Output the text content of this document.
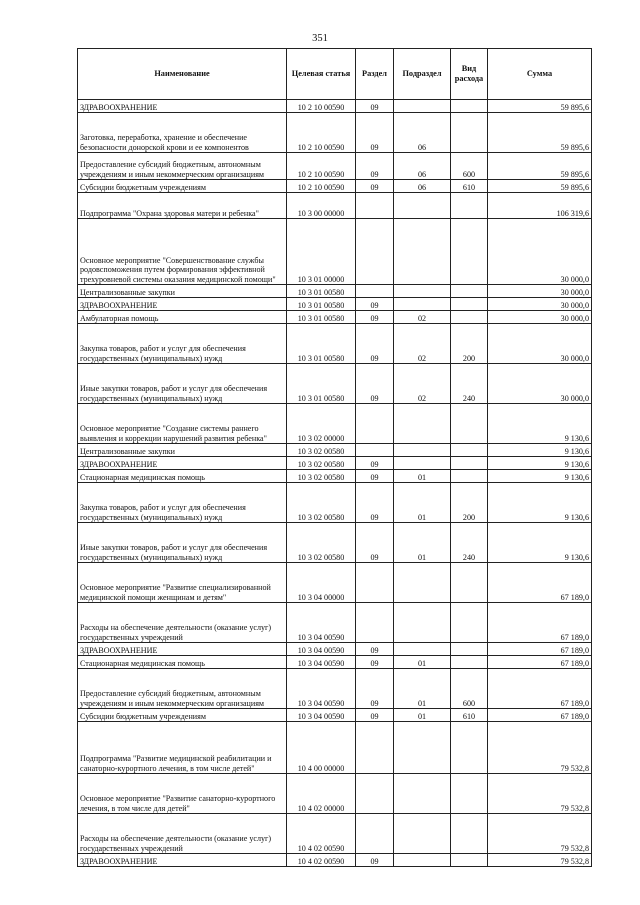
351
Наименование	Целевая статья	Раздел	Подраздел	Вид расхода	Сумма
ЗДРАВООХРАНЕНИЕ	10 2 10 00590	09			59 895,6
Заготовка, переработка, хранение и обеспечение безопасности донорской крови и ее компонентов	10 2 10 00590	09	06		59 895,6
Предоставление субсидий бюджетным, автономным учреждениям и иным некоммерческим организациям	10 2 10 00590	09	06	600	59 895,6
Субсидии бюджетным учреждениям	10 2 10 00590	09	06	610	59 895,6
Подпрограмма "Охрана здоровья матери и ребенка"	10 3 00 00000				106 319,6
Основное мероприятие "Совершенствование службы родовспоможения путем формирования эффективной трехуровневой системы оказания медицинской помощи"	10 3 01 00000				30 000,0
Централизованные закупки	10 3 01 00580				30 000,0
ЗДРАВООХРАНЕНИЕ	10 3 01 00580	09			30 000,0
Амбулаторная помощь	10 3 01 00580	09	02		30 000,0
Закупка товаров, работ и услуг для обеспечения государственных (муниципальных) нужд	10 3 01 00580	09	02	200	30 000,0
Иные закупки товаров, работ и услуг для обеспечения государственных (муниципальных) нужд	10 3 01 00580	09	02	240	30 000,0
Основное мероприятие "Создание системы раннего выявления и коррекции нарушений развития ребенка"	10 3 02 00000				9 130,6
Централизованные закупки	10 3 02 00580				9 130,6
ЗДРАВООХРАНЕНИЕ	10 3 02 00580	09			9 130,6
Стационарная медицинская помощь	10 3 02 00580	09	01		9 130,6
Закупка товаров, работ и услуг для обеспечения государственных (муниципальных) нужд	10 3 02 00580	09	01	200	9 130,6
Иные закупки товаров, работ и услуг для обеспечения государственных (муниципальных) нужд	10 3 02 00580	09	01	240	9 130,6
Основное мероприятие "Развитие специализированной медицинской помощи женщинам и детям"	10 3 04 00000				67 189,0
Расходы на обеспечение деятельности (оказание услуг) государственных учреждений	10 3 04 00590				67 189,0
ЗДРАВООХРАНЕНИЕ	10 3 04 00590	09			67 189,0
Стационарная медицинская помощь	10 3 04 00590	09	01		67 189,0
Предоставление субсидий бюджетным, автономным учреждениям и иным некоммерческим организациям	10 3 04 00590	09	01	600	67 189,0
Субсидии бюджетным учреждениям	10 3 04 00590	09	01	610	67 189,0
Подпрограмма "Развитие медицинской реабилитации и санаторно-курортного лечения, в том числе детей"	10 4 00 00000				79 532,8
Основное мероприятие "Развитие санаторно-курортного лечения, в том числе для детей"	10 4 02 00000				79 532,8
Расходы на обеспечение деятельности (оказание услуг) государственных учреждений	10 4 02 00590				79 532,8
ЗДРАВООХРАНЕНИЕ	10 4 02 00590	09			79 532,8
